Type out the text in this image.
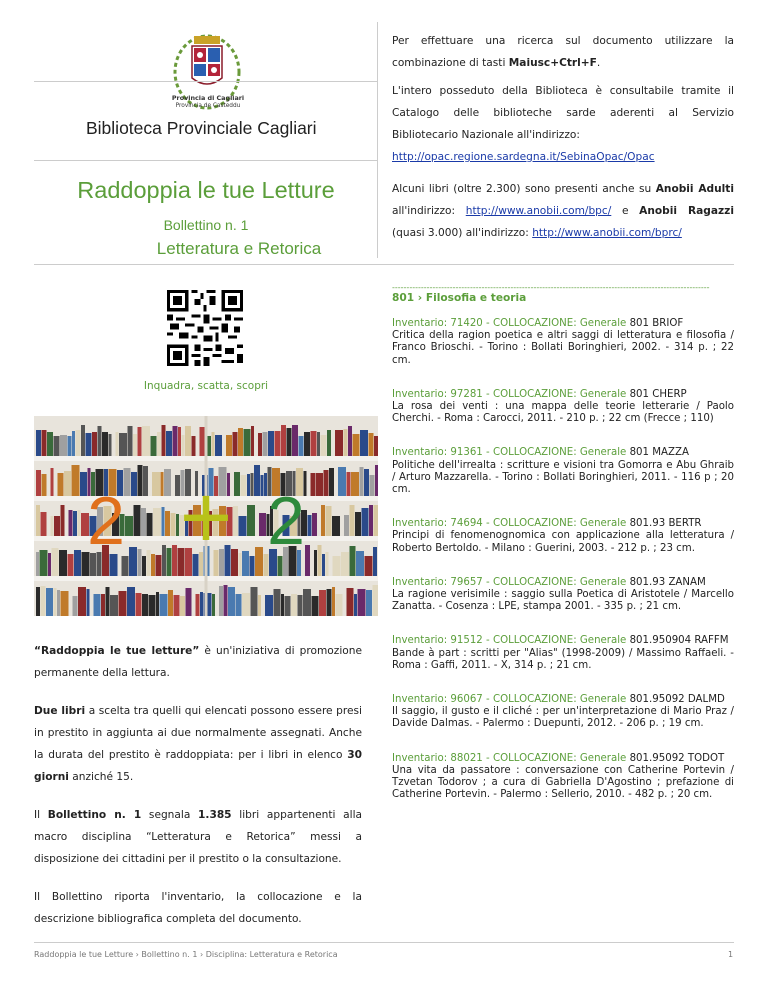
Provincia di Cagliari
Provincia de Casteddu
Biblioteca Provinciale Cagliari
Raddoppia le tue Letture
Bollettino n. 1
Letteratura e Retorica
Inquadra, scatta, scopri
2 + 2

“Raddoppia le tue letture” è un'iniziativa di promozione permanente della lettura.

Due libri a scelta tra quelli qui elencati possono essere presi in prestito in aggiunta ai due normalmente assegnati. Anche la durata del prestito è raddoppiata: per i libri in elenco 30 giorni anziché 15.

Il Bollettino n. 1 segnala 1.385 libri appartenenti alla macro disciplina “Letteratura e Retorica” messi a disposizione dei cittadini per il prestito o la consultazione.

Il Bollettino riporta l'inventario, la collocazione e la descrizione bibliografica completa del documento.

Per effettuare una ricerca sul documento utilizzare la combinazione di tasti Maiusc+Ctrl+F.

L'intero posseduto della Biblioteca è consultabile tramite il Catalogo delle biblioteche sarde aderenti al Servizio Bibliotecario Nazionale all'indirizzo:

http://opac.regione.sardegna.it/SebinaOpac/Opac

Alcuni libri (oltre 2.300) sono presenti anche su Anobii Adulti all'indirizzo: http://www.anobii.com/bpc/ e Anobii Ragazzi (quasi 3.000) all'indirizzo: http://www.anobii.com/bprc/

--------------------------------------------------------------------------------------------------------------
801 › Filosofia e teoria
Inventario: 71420 - COLLOCAZIONE: Generale 801 BRIOF
Critica della ragion poetica e altri saggi di letteratura e filosofia / Franco Brioschi. - Torino : Bollati Boringhieri, 2002. - 314 p. ; 22 cm.
Inventario: 97281 - COLLOCAZIONE: Generale 801 CHERP
La rosa dei venti : una mappa delle teorie letterarie / Paolo Cherchi. - Roma : Carocci, 2011. - 210 p. ; 22 cm (Frecce ; 110)
Inventario: 91361 - COLLOCAZIONE: Generale 801 MAZZA
Politiche dell'irrealta : scritture e visioni tra Gomorra e Abu Ghraib / Arturo Mazzarella. - Torino : Bollati Boringhieri, 2011. - 116 p ; 20 cm.
Inventario: 74694 - COLLOCAZIONE: Generale 801.93 BERTR
Principi di fenomenognomica con applicazione alla letteratura / Roberto Bertoldo. - Milano : Guerini, 2003. - 212 p. ; 23 cm.
Inventario: 79657 - COLLOCAZIONE: Generale 801.93 ZANAM
La ragione verisimile : saggio sulla Poetica di Aristotele / Marcello Zanatta. - Cosenza : LPE, stampa 2001. - 335 p. ; 21 cm.
Inventario: 91512 - COLLOCAZIONE: Generale 801.950904 RAFFM
Bande à part : scritti per "Alias" (1998-2009) / Massimo Raffaeli. - Roma : Gaffi, 2011. - X, 314 p. ; 21 cm.
Inventario: 96067 - COLLOCAZIONE: Generale 801.95092 DALMD
Il saggio, il gusto e il cliché : per un'interpretazione di Mario Praz / Davide Dalmas. - Palermo : Duepunti, 2012. - 206 p. ; 19 cm.
Inventario: 88021 - COLLOCAZIONE: Generale 801.95092 TODOT
Una vita da passatore : conversazione con Catherine Portevin / Tzvetan Todorov ; a cura di Gabriella D'Agostino ; prefazione di Catherine Portevin. - Palermo : Sellerio, 2010. - 482 p. ; 20 cm.
Raddoppia le tue Letture › Bollettino n. 1 › Disciplina: Letteratura e Retorica	1
